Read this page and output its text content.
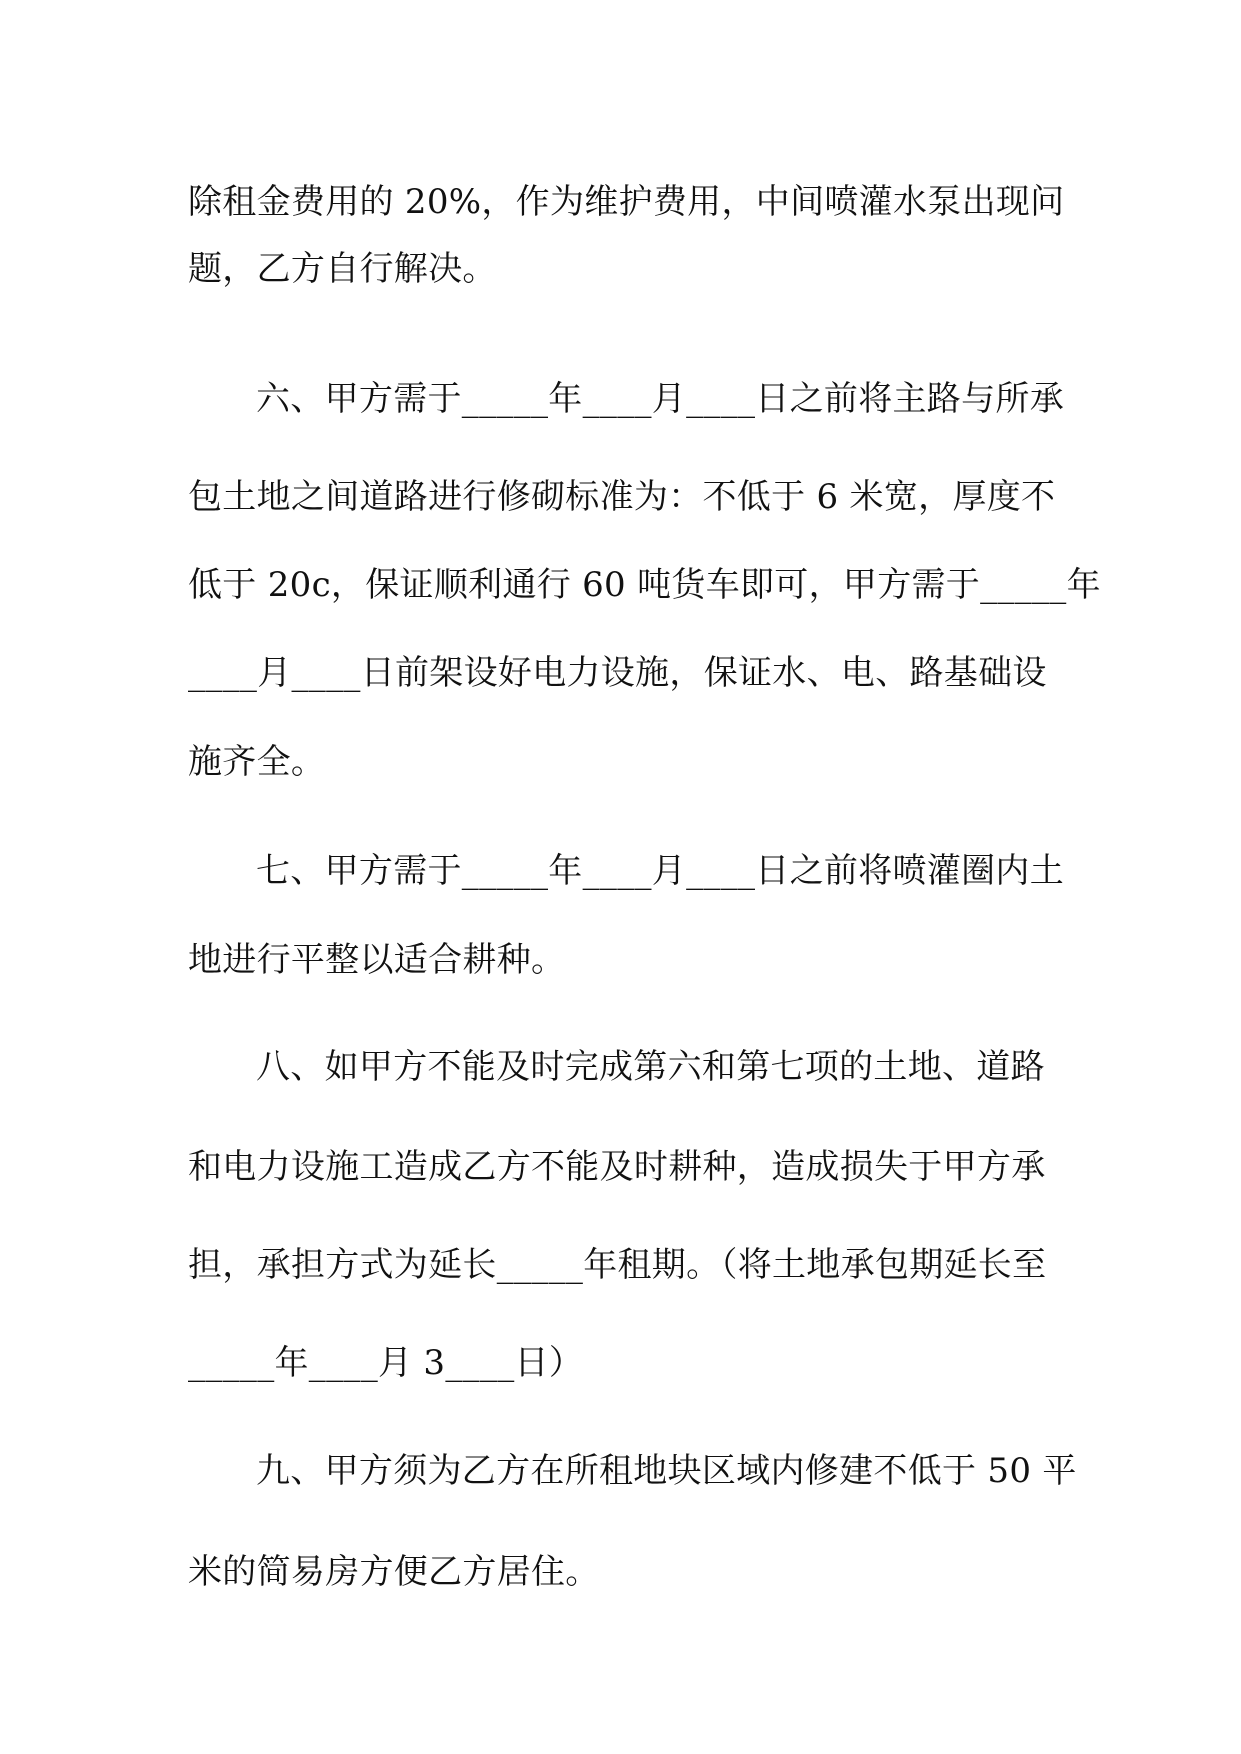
除租金费用的 20%，作为维护费用，中间喷灌水泵出现问
题，乙方自行解决。
六、甲方需于_____年____月____日之前将主路与所承
包土地之间道路进行修砌标准为：不低于 6 米宽，厚度不
低于 20c，保证顺利通行 60 吨货车即可，甲方需于_____年
____月____日前架设好电力设施，保证水、电、路基础设
施齐全。
七、甲方需于_____年____月____日之前将喷灌圈内土
地进行平整以适合耕种。
八、如甲方不能及时完成第六和第七项的土地、道路
和电力设施工造成乙方不能及时耕种，造成损失于甲方承
担，承担方式为延长_____年租期。（将土地承包期延长至
_____年____月 3____日）
九、甲方须为乙方在所租地块区域内修建不低于 50 平
米的简易房方便乙方居住。
